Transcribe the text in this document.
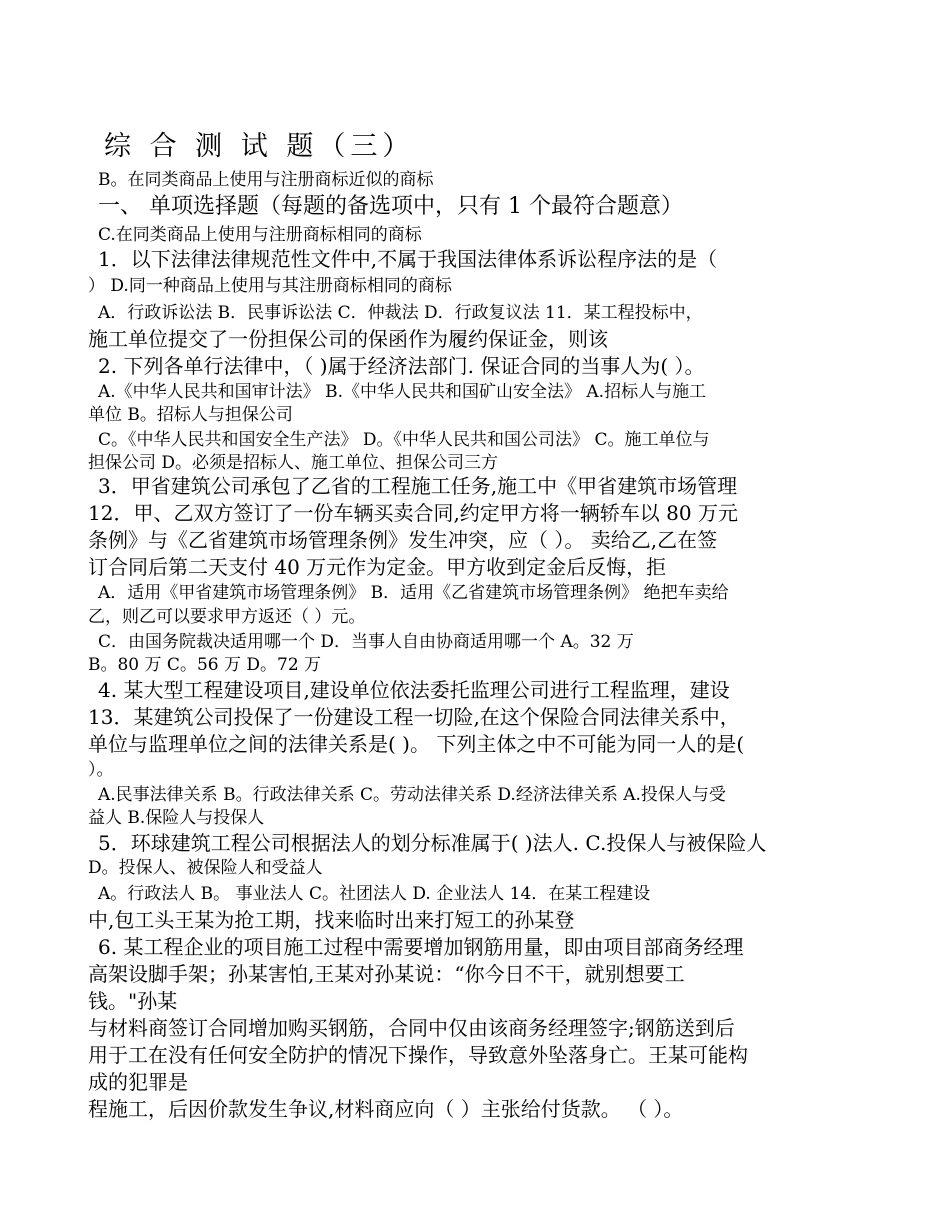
综 合 测 试 题（三）
B。在同类商品上使用与注册商标近似的商标
一、 单项选择题（每题的备选项中，只有 1 个最符合题意）
C.在同类商品上使用与注册商标相同的商标
1．以下法律法律规范性文件中,不属于我国法律体系诉讼程序法的是（
） D.同一种商品上使用与其注册商标相同的商标
A．行政诉讼法 B．民事诉讼法 C．仲裁法 D．行政复议法 11．某工程投标中，
施工单位提交了一份担保公司的保函作为履约保证金，则该
2. 下列各单行法律中，（ )属于经济法部门. 保证合同的当事人为( ）。
A.《中华人民共和国审计法》 B.《中华人民共和国矿山安全法》 A.招标人与施工
单位 B。招标人与担保公司
C。《中华人民共和国安全生产法》 D。《中华人民共和国公司法》 C。施工单位与
担保公司 D。必须是招标人、施工单位、担保公司三方
3．甲省建筑公司承包了乙省的工程施工任务,施工中《甲省建筑市场管理
12．甲、乙双方签订了一份车辆买卖合同,约定甲方将一辆轿车以 80 万元
条例》与《乙省建筑市场管理条例》发生冲突，应（ ）。 卖给乙,乙在签
订合同后第二天支付 40 万元作为定金。甲方收到定金后反悔，拒
A．适用《甲省建筑市场管理条例》 B．适用《乙省建筑市场管理条例》 绝把车卖给
乙，则乙可以要求甲方返还（ ）元。
C．由国务院裁决适用哪一个 D．当事人自由协商适用哪一个 A。32 万
B。80 万 C。56 万 D。72 万
4. 某大型工程建设项目,建设单位依法委托监理公司进行工程监理，建设
13．某建筑公司投保了一份建设工程一切险,在这个保险合同法律关系中，
单位与监理单位之间的法律关系是( )。 下列主体之中不可能为同一人的是(
）。
A.民事法律关系 B。行政法律关系 C。劳动法律关系 D.经济法律关系 A.投保人与受
益人 B.保险人与投保人
5．环球建筑工程公司根据法人的划分标准属于( )法人. C.投保人与被保险人
D。投保人、被保险人和受益人
A。行政法人 B。 事业法人 C。社团法人 D. 企业法人 14．在某工程建设
中,包工头王某为抢工期，找来临时出来打短工的孙某登
6. 某工程企业的项目施工过程中需要增加钢筋用量，即由项目部商务经理
高架设脚手架；孙某害怕,王某对孙某说：“你今日不干，就别想要工
钱。"孙某
与材料商签订合同增加购买钢筋，合同中仅由该商务经理签字;钢筋送到后
用于工在没有任何安全防护的情况下操作，导致意外坠落身亡。王某可能构
成的犯罪是
程施工，后因价款发生争议,材料商应向（ ）主张给付货款。 （ ）。
